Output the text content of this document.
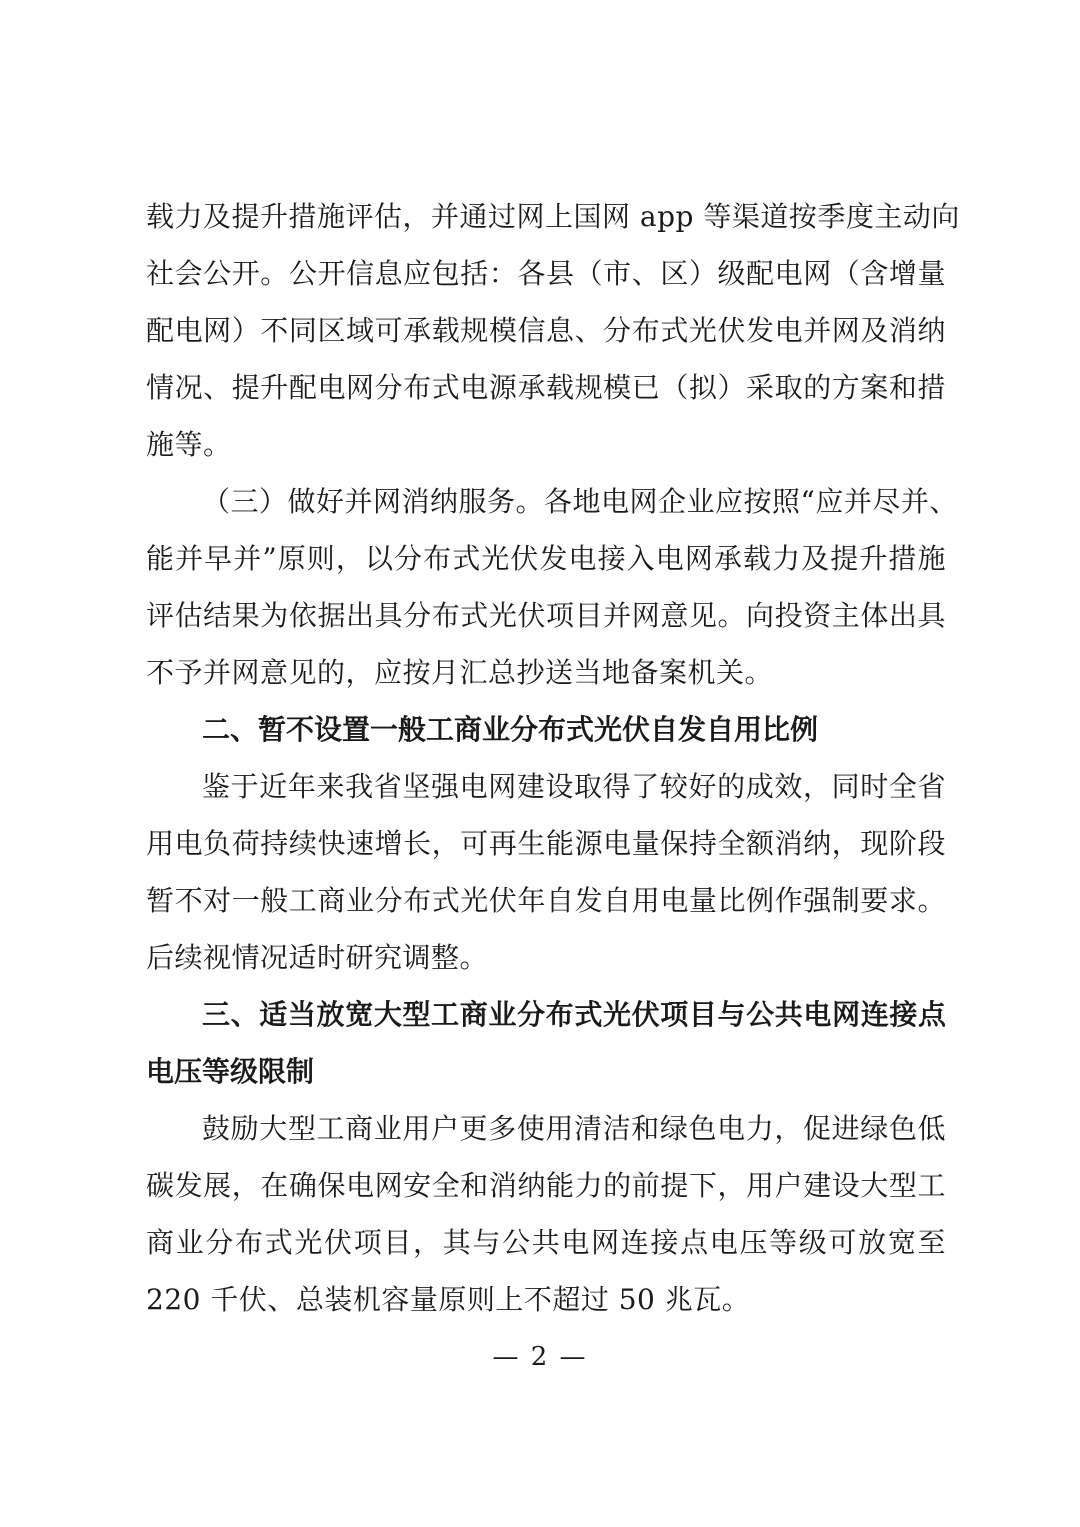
载力及提升措施评估，并通过网上国网 app 等渠道按季度主动向
社会公开。公开信息应包括：各县（市、区）级配电网（含增量
配电网）不同区域可承载规模信息、分布式光伏发电并网及消纳
情况、提升配电网分布式电源承载规模已（拟）采取的方案和措
施等。
（三）做好并网消纳服务。各地电网企业应按照“应并尽并、
能并早并”原则，以分布式光伏发电接入电网承载力及提升措施
评估结果为依据出具分布式光伏项目并网意见。向投资主体出具
不予并网意见的，应按月汇总抄送当地备案机关。
二、暂不设置一般工商业分布式光伏自发自用比例
鉴于近年来我省坚强电网建设取得了较好的成效，同时全省
用电负荷持续快速增长，可再生能源电量保持全额消纳，现阶段
暂不对一般工商业分布式光伏年自发自用电量比例作强制要求。
后续视情况适时研究调整。
三、适当放宽大型工商业分布式光伏项目与公共电网连接点
电压等级限制
鼓励大型工商业用户更多使用清洁和绿色电力，促进绿色低
碳发展，在确保电网安全和消纳能力的前提下，用户建设大型工
商业分布式光伏项目，其与公共电网连接点电压等级可放宽至
220 千伏、总装机容量原则上不超过 50 兆瓦。
— 2 —
